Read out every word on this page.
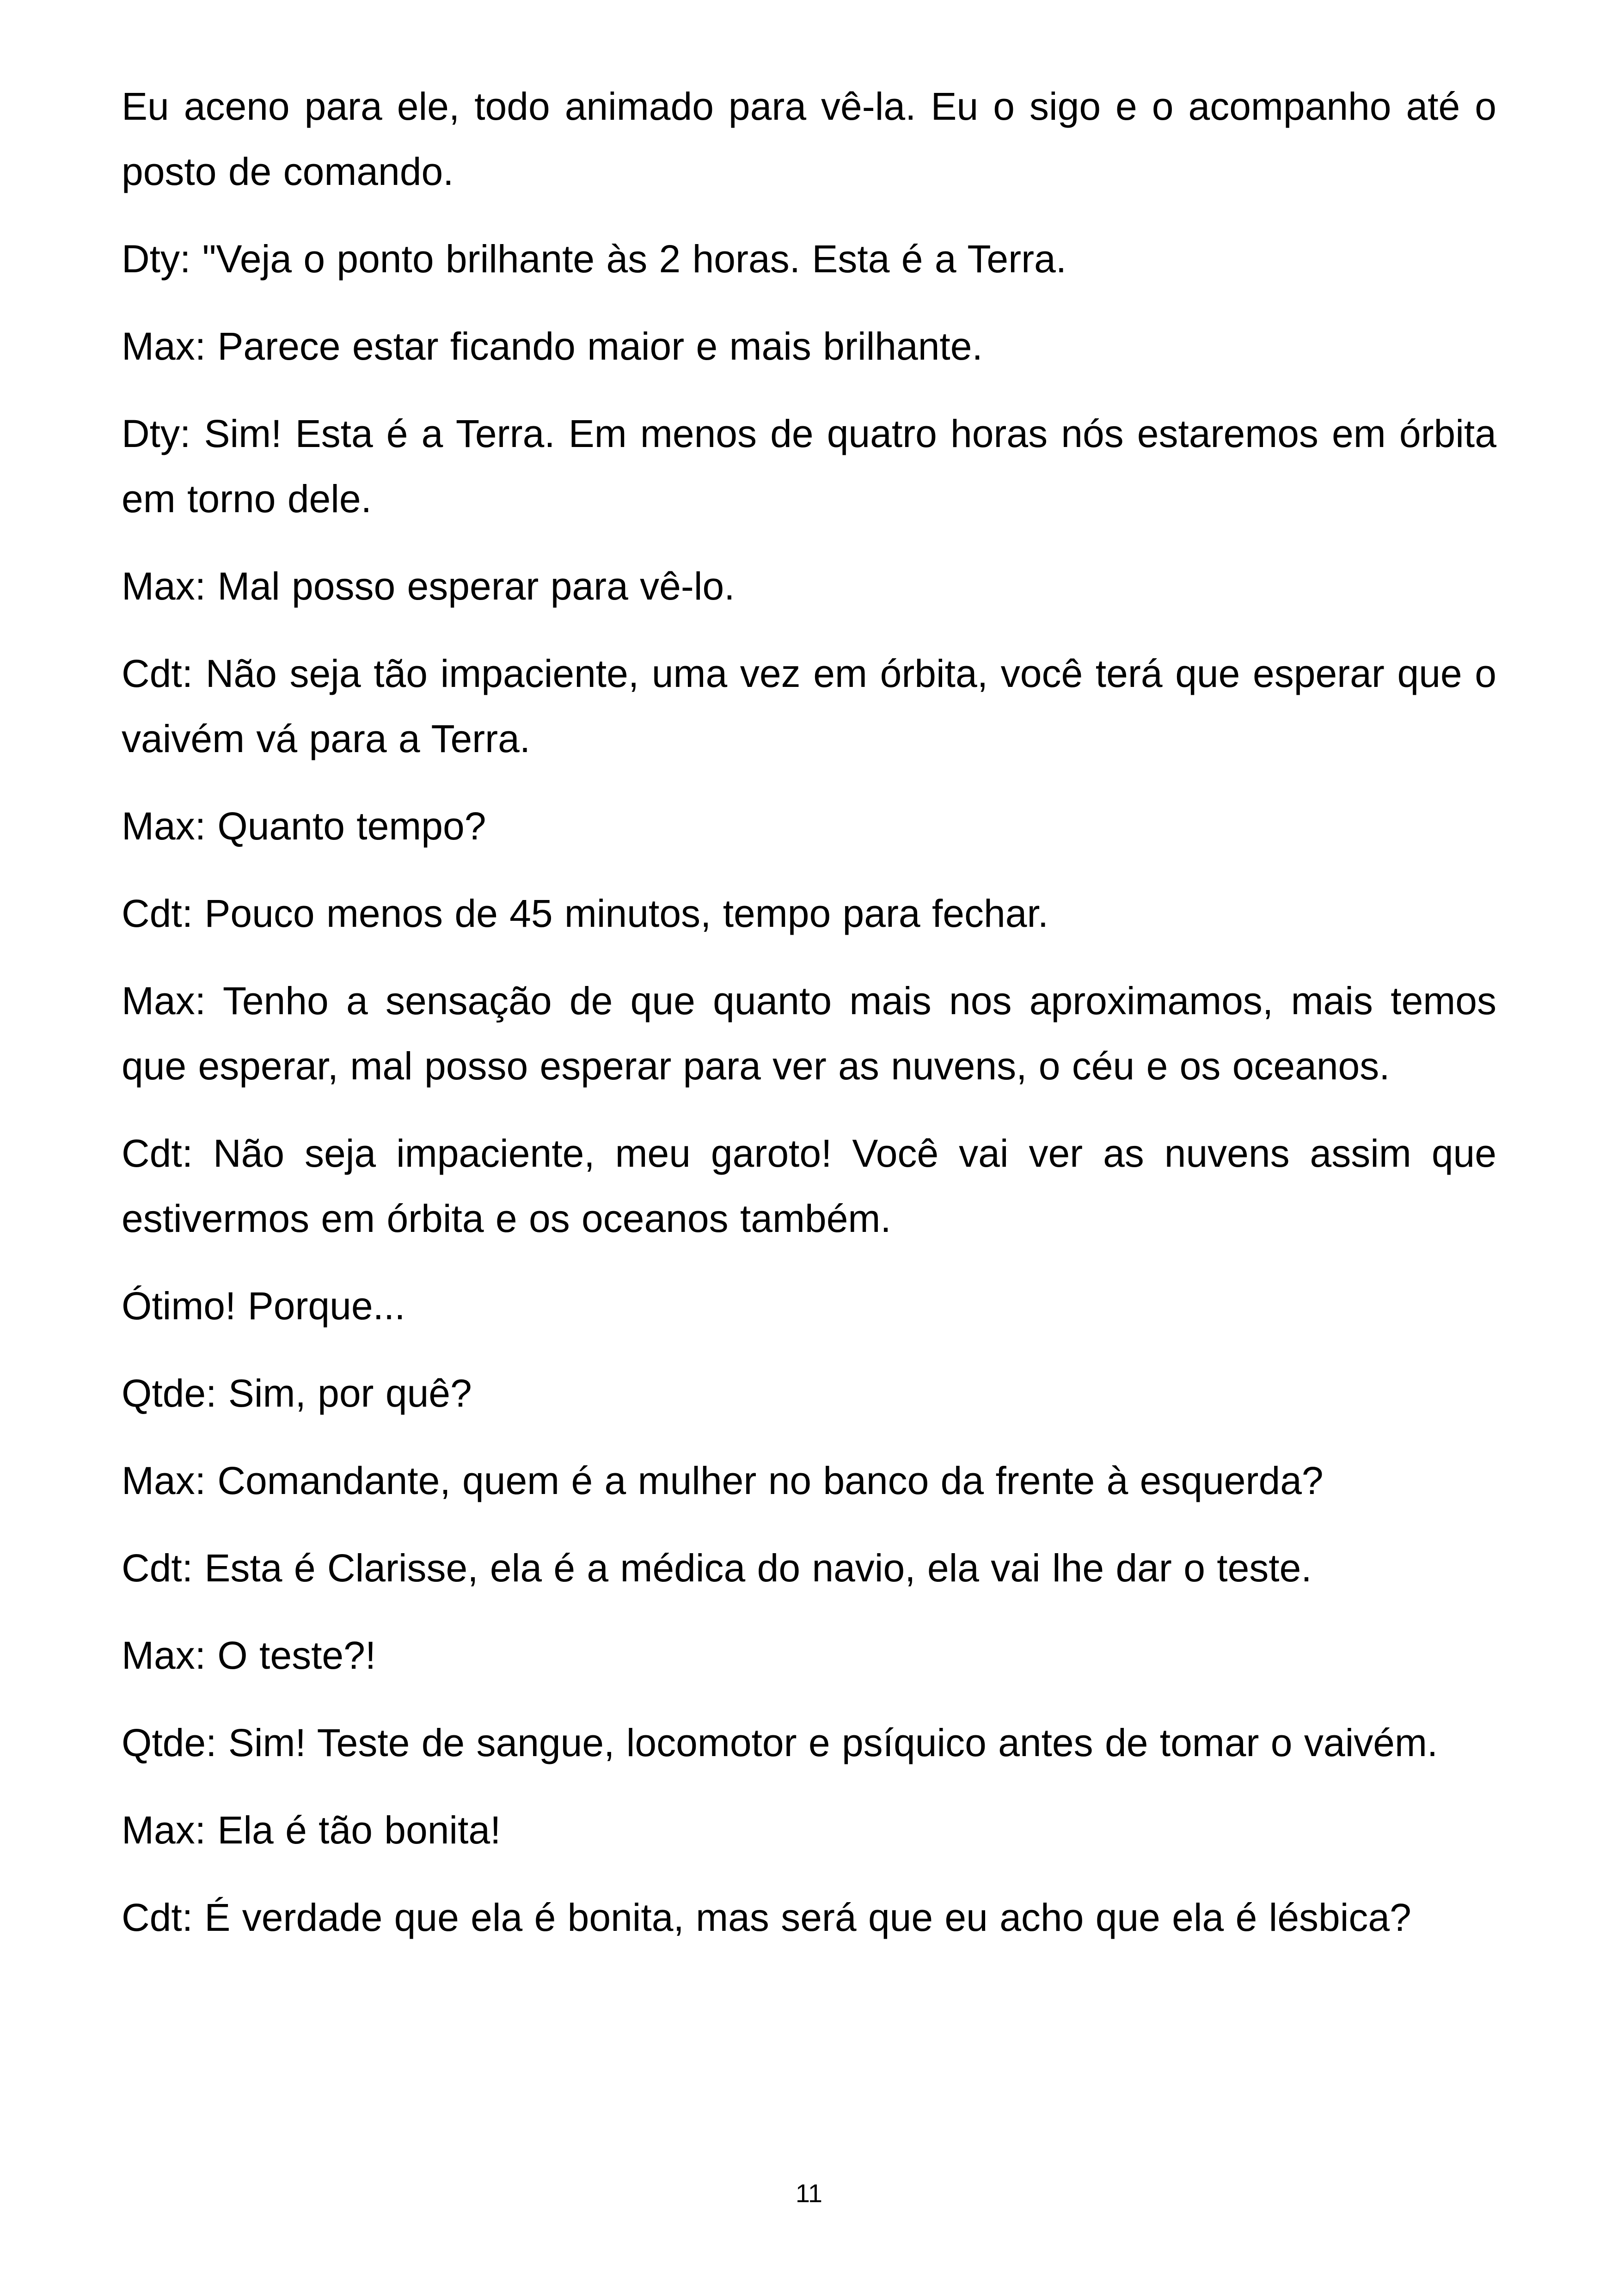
Eu aceno para ele, todo animado para vê-la. Eu o sigo e o acompanho até o posto de comando.

Dty: "Veja o ponto brilhante às 2 horas. Esta é a Terra.

Max: Parece estar ficando maior e mais brilhante.

Dty: Sim! Esta é a Terra. Em menos de quatro horas nós estaremos em órbita em torno dele.

Max: Mal posso esperar para vê-lo.

Cdt: Não seja tão impaciente, uma vez em órbita, você terá que esperar que o vaivém vá para a Terra.

Max: Quanto tempo?

Cdt: Pouco menos de 45 minutos, tempo para fechar.

Max: Tenho a sensação de que quanto mais nos aproximamos, mais temos que esperar, mal posso esperar para ver as nuvens, o céu e os oceanos.

Cdt: Não seja impaciente, meu garoto! Você vai ver as nuvens assim que estivermos em órbita e os oceanos também.

Ótimo! Porque...

Qtde: Sim, por quê?

Max: Comandante, quem é a mulher no banco da frente à esquerda?

Cdt: Esta é Clarisse, ela é a médica do navio, ela vai lhe dar o teste.

Max: O teste?!

Qtde: Sim! Teste de sangue, locomotor e psíquico antes de tomar o vaivém.

Max: Ela é tão bonita!

Cdt: É verdade que ela é bonita, mas será que eu acho que ela é lésbica?

11
